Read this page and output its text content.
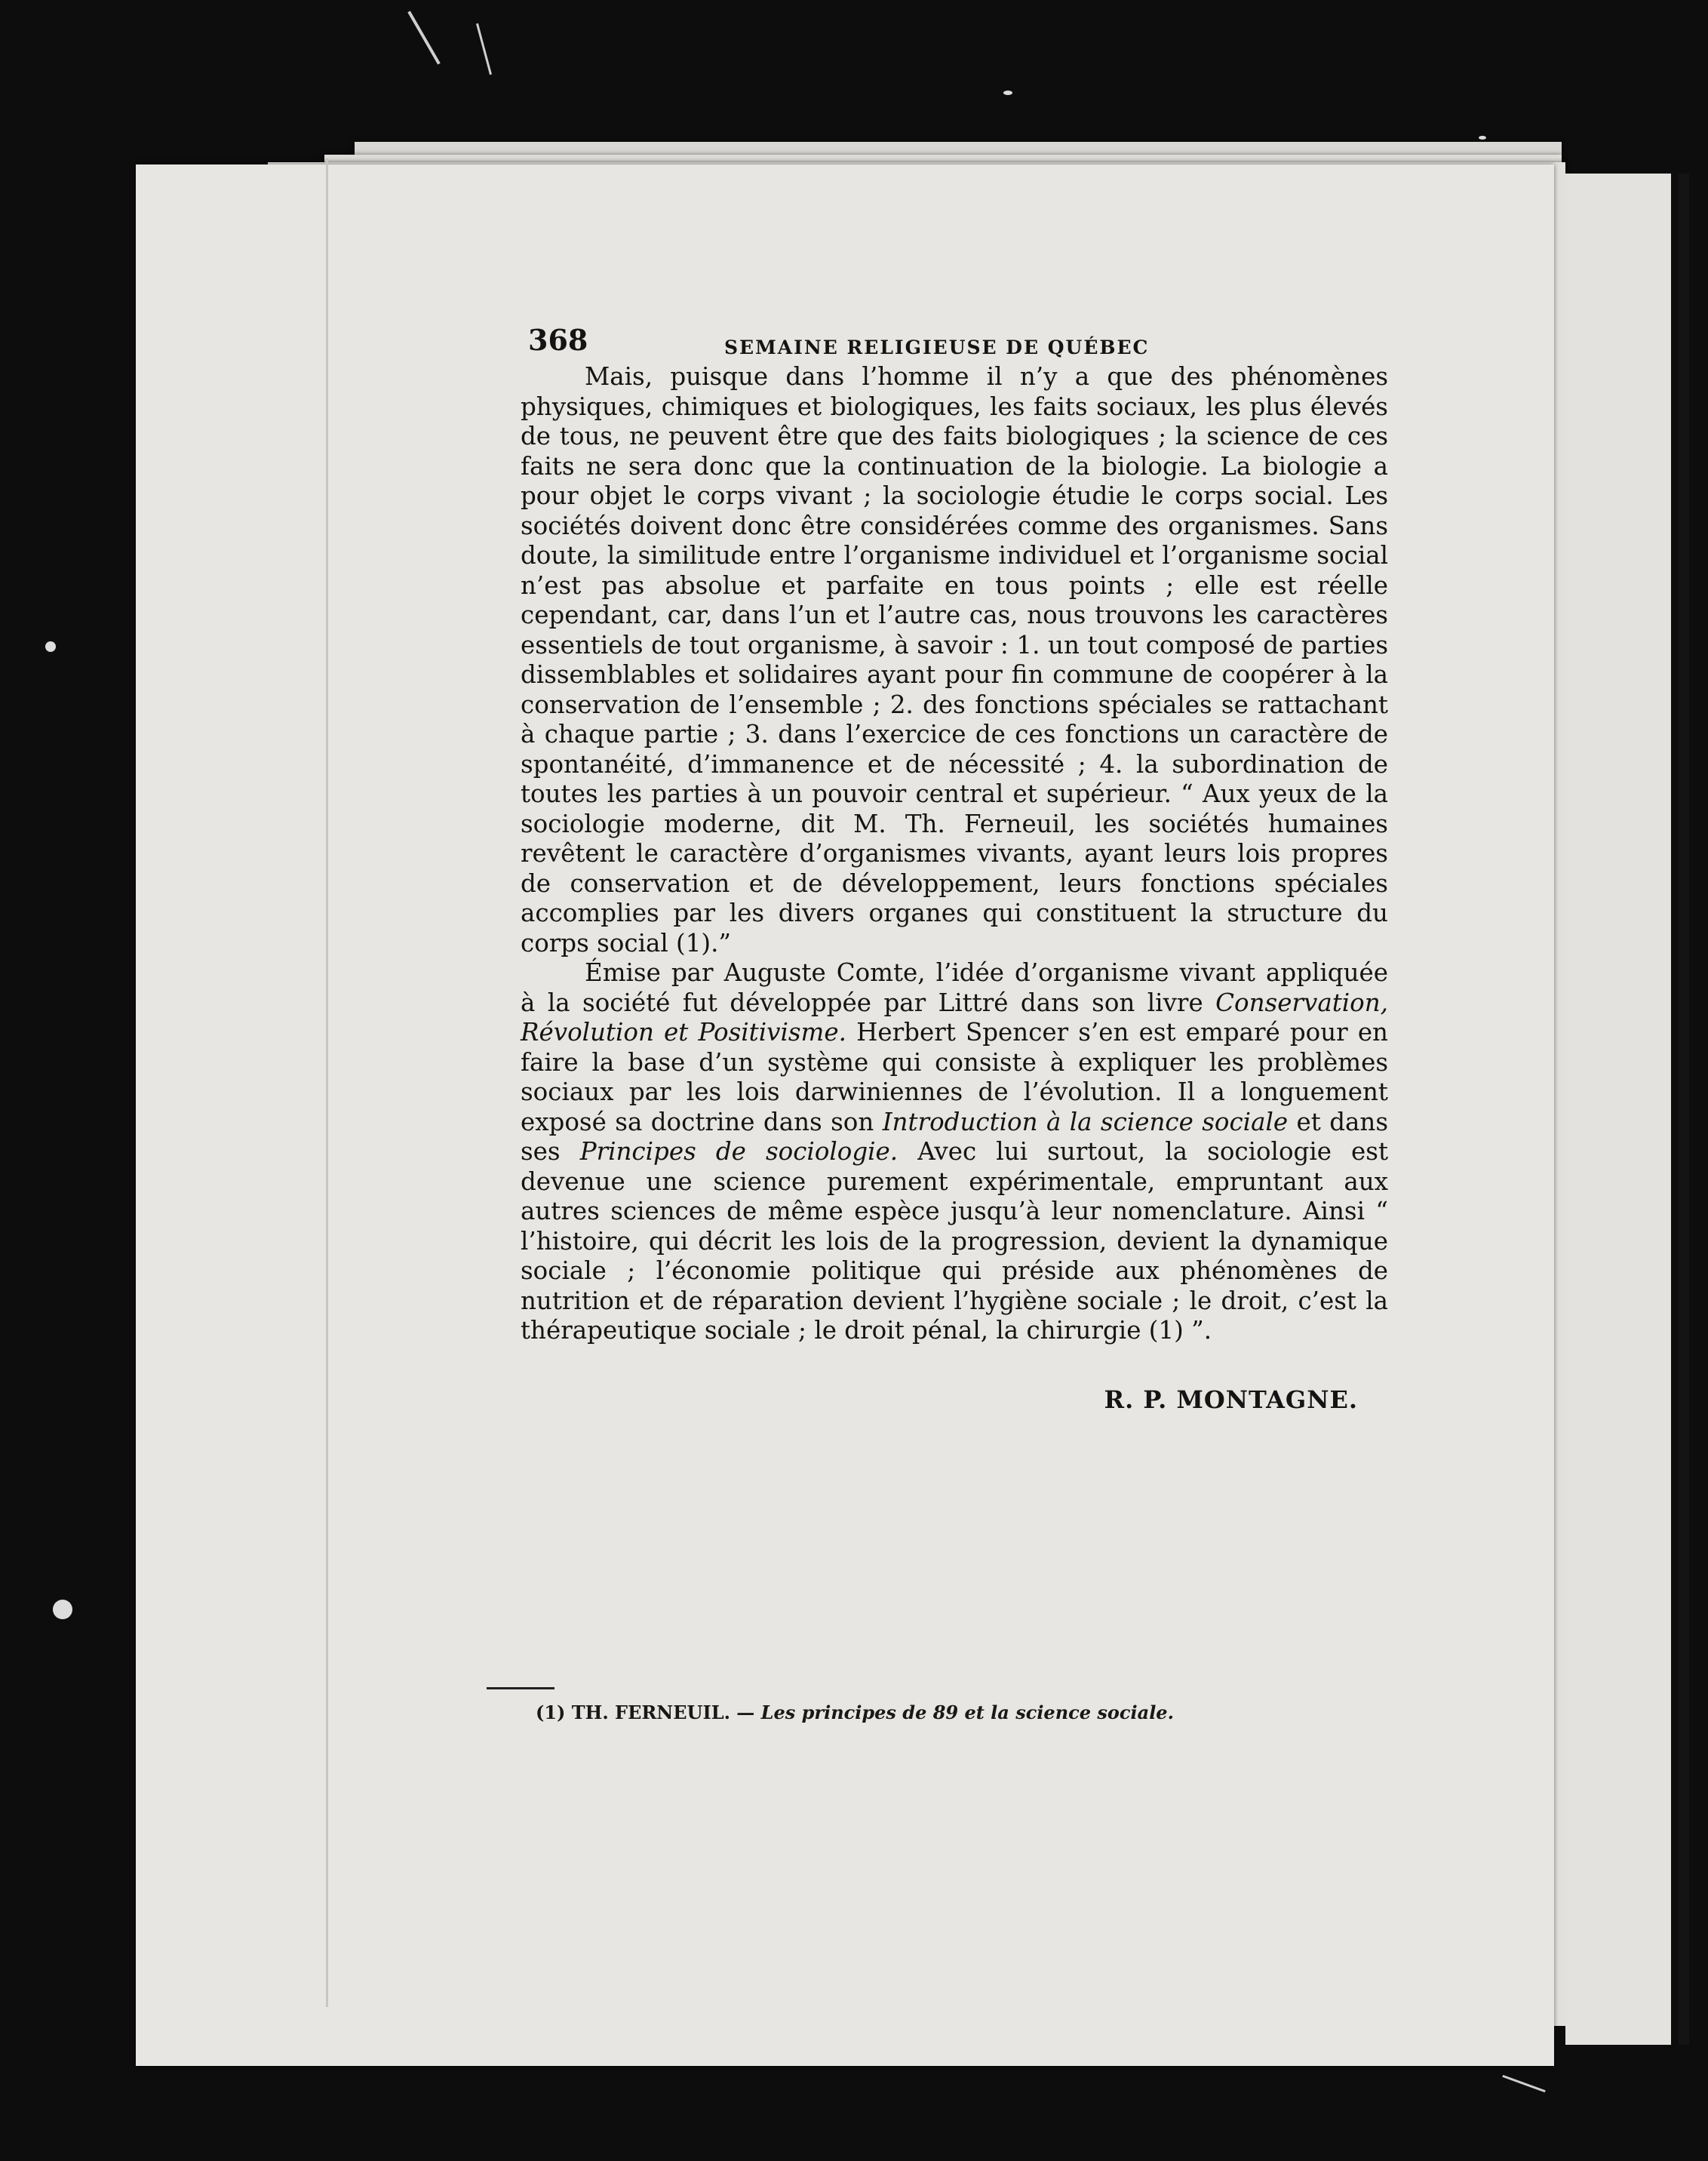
368	SEMAINE RELIGIEUSE DE QUÉBEC

Mais, puisque dans l’homme il n’y a que des phénomènes physiques, chimiques et biologiques, les faits sociaux, les plus élevés de tous, ne peuvent être que des faits biologiques ; la science de ces faits ne sera donc que la continuation de la biologie. La biologie a pour objet le corps vivant ; la sociologie étudie le corps social. Les sociétés doivent donc être considérées comme des organismes. Sans doute, la similitude entre l’organisme individuel et l’organisme social n’est pas absolue et parfaite en tous points ; elle est réelle cependant, car, dans l’un et l’autre cas, nous trouvons les caractères essentiels de tout organisme, à savoir : 1. un tout composé de parties dissemblables et solidaires ayant pour fin commune de coopérer à la conservation de l’ensemble ; 2. des fonctions spéciales se rattachant à chaque partie ; 3. dans l’exercice de ces fonctions un caractère de spontanéité, d’immanence et de nécessité ; 4. la subordination de toutes les parties à un pouvoir central et supérieur. “ Aux yeux de la sociologie moderne, dit M. Th. Ferneuil, les sociétés humaines revêtent le caractère d’organismes vivants, ayant leurs lois propres de conservation et de développement, leurs fonctions spéciales accomplies par les divers organes qui constituent la structure du corps social (1).”

Émise par Auguste Comte, l’idée d’organisme vivant appliquée à la société fut développée par Littré dans son livre Conservation, Révolution et Positivisme. Herbert Spencer s’en est emparé pour en faire la base d’un système qui consiste à expliquer les problèmes sociaux par les lois darwiniennes de l’évolution. Il a longuement exposé sa doctrine dans son Introduction à la science sociale et dans ses Principes de sociologie. Avec lui surtout, la sociologie est devenue une science purement expérimentale, empruntant aux autres sciences de même espèce jusqu’à leur nomenclature. Ainsi “ l’histoire, qui décrit les lois de la progression, devient la dynamique sociale ; l’économie politique qui préside aux phénomènes de nutrition et de réparation devient l’hygiène sociale ; le droit, c’est la thérapeutique sociale ; le droit pénal, la chirurgie (1) ”.

R. P. MONTAGNE.
(1) TH. FERNEUIL. — Les principes de 89 et la science sociale.
